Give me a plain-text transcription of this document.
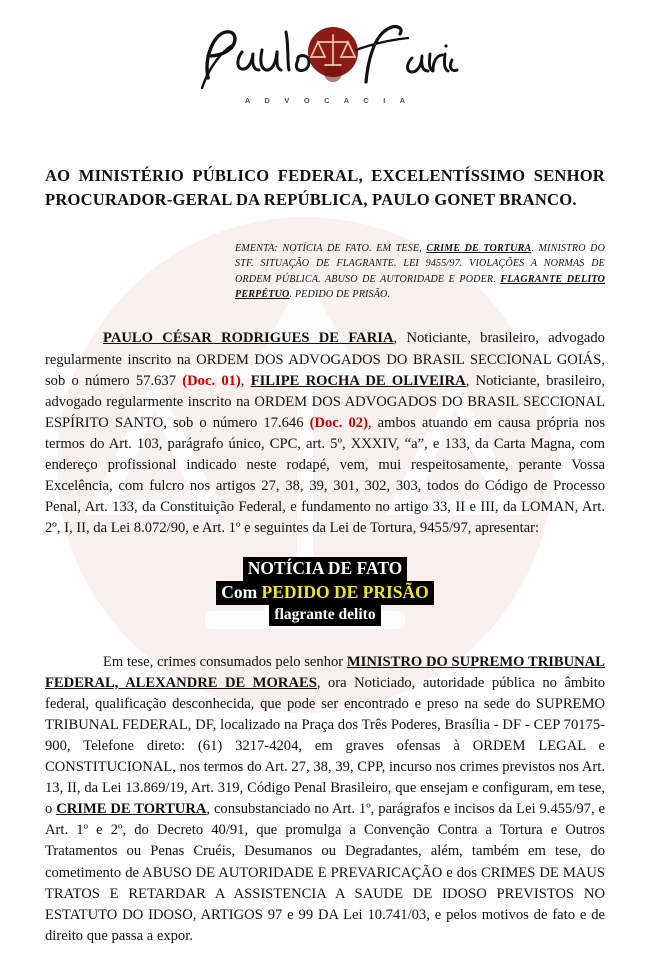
A D V O C A C I A
AO MINISTÉRIO PÚBLICO FEDERAL, EXCELENTÍSSIMO SENHOR PROCURADOR-GERAL DA REPÚBLICA, PAULO GONET BRANCO.

EMENTA: NOTÍCIA DE FATO. EM TESE, CRIME DE TORTURA. MINISTRO DO STF. SITUAÇÃO DE FLAGRANTE. LEI 9455/97. VIOLAÇÕES A NORMAS DE ORDEM PÚBLICA. ABUSO DE AUTORIDADE E PODER. FLAGRANTE DELITO PERPÉTUO. PEDIDO DE PRISÃO.

PAULO CÉSAR RODRIGUES DE FARIA, Noticiante, brasileiro, advogado regularmente inscrito na ORDEM DOS ADVOGADOS DO BRASIL SECCIONAL GOIÁS, sob o número 57.637 (Doc. 01), FILIPE ROCHA DE OLIVEIRA, Noticiante, brasileiro, advogado regularmente inscrito na ORDEM DOS ADVOGADOS DO BRASIL SECCIONAL ESPÍRITO SANTO, sob o número 17.646 (Doc. 02), ambos atuando em causa própria nos termos do Art. 103, parágrafo único, CPC, art. 5º, XXXIV, “a”, e 133, da Carta Magna, com endereço profissional indicado neste rodapé, vem, mui respeitosamente, perante Vossa Excelência, com fulcro nos artigos 27, 38, 39, 301, 302, 303, todos do Código de Processo Penal, Art. 133, da Constituição Federal, e fundamento no artigo 33, II e III, da LOMAN, Art. 2º, I, II, da Lei 8.072/90, e Art. 1º e seguintes da Lei de Tortura, 9455/97, apresentar:

NOTÍCIA DE FATO
Com PEDIDO DE PRISÃO
flagrante delito

Em tese, crimes consumados pelo senhor MINISTRO DO SUPREMO TRIBUNAL FEDERAL, ALEXANDRE DE MORAES, ora Noticiado, autoridade pública no âmbito federal, qualificação desconhecida, que pode ser encontrado e preso na sede do SUPREMO TRIBUNAL FEDERAL, DF, localizado na Praça dos Três Poderes, Brasília - DF - CEP 70175-900, Telefone direto: (61) 3217-4204, em graves ofensas à ORDEM LEGAL e CONSTITUCIONAL, nos termos do Art. 27, 38, 39, CPP, incurso nos crimes previstos nos Art. 13, II, da Lei 13.869/19, Art. 319, Código Penal Brasileiro, que ensejam e configuram, em tese, o CRIME DE TORTURA, consubstanciado no Art. 1º, parágrafos e incisos da Lei 9.455/97, e Art. 1º e 2º, do Decreto 40/91, que promulga a Convenção Contra a Tortura e Outros Tratamentos ou Penas Cruéis, Desumanos ou Degradantes, além, também em tese, do cometimento de ABUSO DE AUTORIDADE E PREVARICAÇÃO e dos CRIMES DE MAUS TRATOS E RETARDAR A ASSISTENCIA A SAUDE DE IDOSO PREVISTOS NO ESTATUTO DO IDOSO, ARTIGOS 97 e 99 DA Lei 10.741/03, e pelos motivos de fato e de direito que passa a expor.
